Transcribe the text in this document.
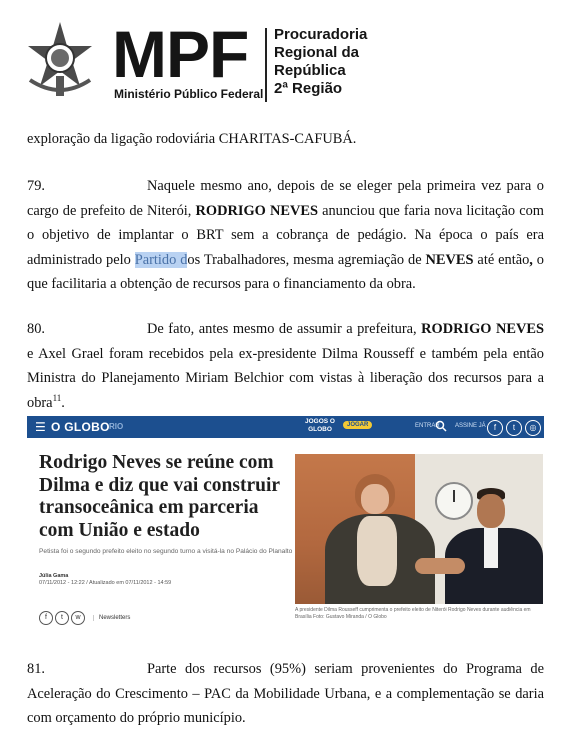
MPF
Ministério Público Federal
Procuradoria
Regional da
República
2ª Região
exploração da ligação rodoviária CHARITAS-CAFUBÁ.
79.	Naquele mesmo ano, depois de se eleger pela primeira vez para o cargo de prefeito de Niterói, RODRIGO NEVES anunciou que faria nova licitação com o objetivo de implantar o BRT sem a cobrança de pedágio. Na época o país era administrado pelo Partido dos Trabalhadores, mesma agremiação de NEVES até então, o que facilitaria a obtenção de recursos para o financiamento da obra.
80.	De fato, antes mesmo de assumir a prefeitura, RODRIGO NEVES e Axel Grael foram recebidos pela ex-presidente Dilma Rousseff e também pela então Ministra do Planejamento Miriam Belchior com vistas à liberação dos recursos para a obra$^{11}$.
☰ O GLOBO RIO
JOGOS O GLOBO
JOGAR	ENTRAR	ASSINE JÁ	f	t	◎
Rodrigo Neves se reúne com Dilma e diz que vai construir transoceânica em parceria com União e estado
Petista foi o segundo prefeito eleito no segundo turno a visitá-la no Palácio do Planalto
Júlia Gama
07/11/2012 - 12:22 / Atualizado em 07/11/2012 - 14:59
f t w	Newsletters
A presidente Dilma Rousseff cumprimenta o prefeito eleito de Niterói Rodrigo Neves durante audiência em Brasília Foto: Gustavo Miranda / O Globo
81.	Parte dos recursos (95%) seriam provenientes do Programa de Aceleração do Crescimento – PAC da Mobilidade Urbana, e a complementação se daria com orçamento do próprio município.
